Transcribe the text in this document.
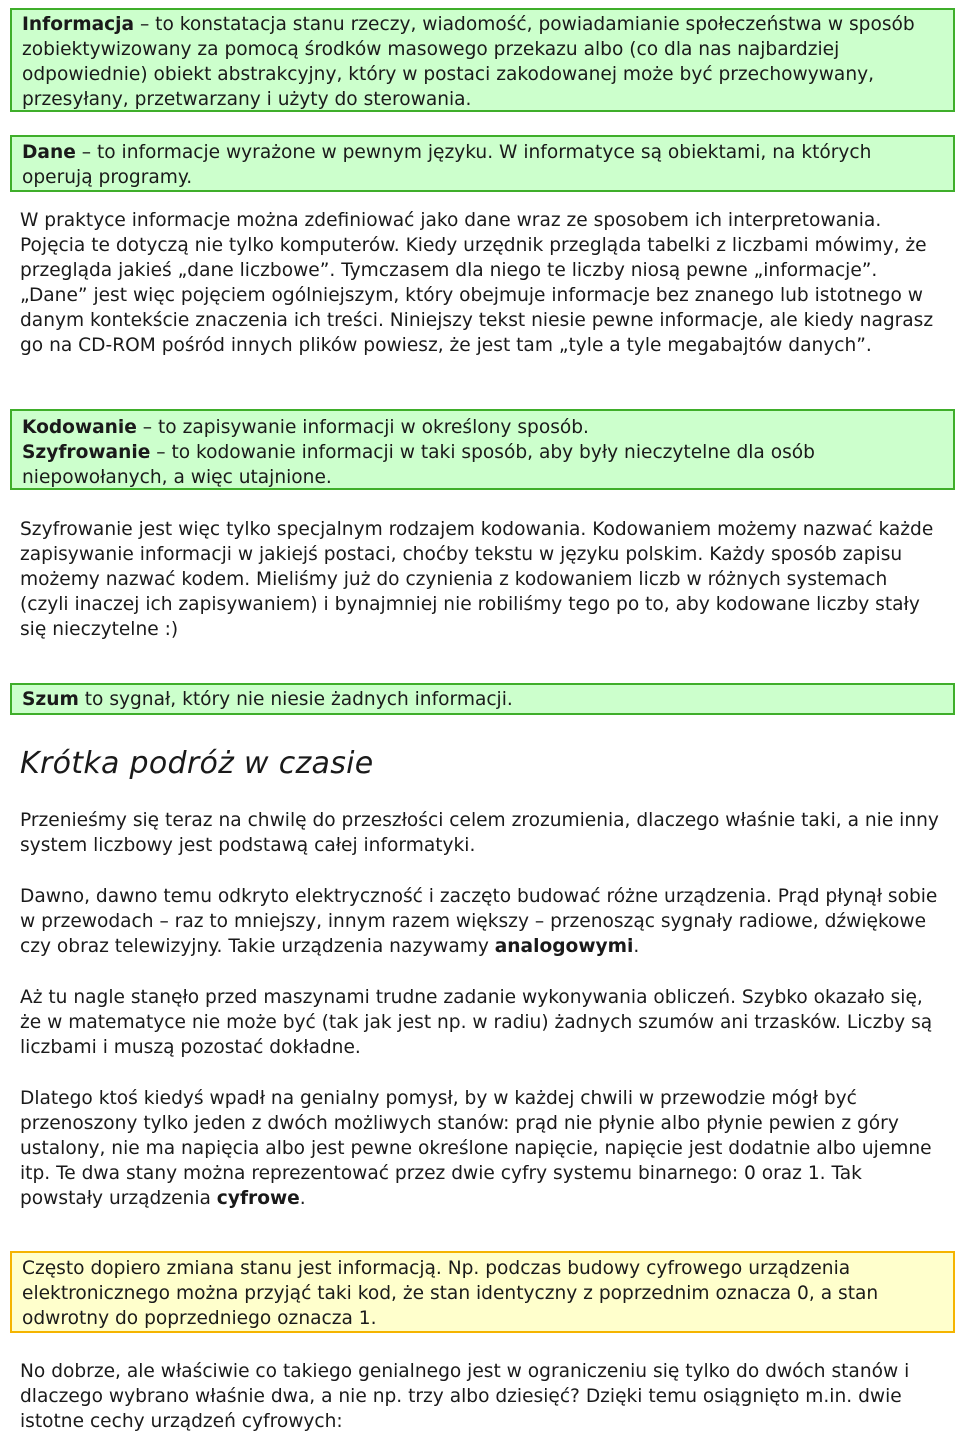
Informacja – to konstatacja stanu rzeczy, wiadomość, powiadamianie społeczeństwa w sposób zobiektywizowany za pomocą środków masowego przekazu albo (co dla nas najbardziej odpowiednie) obiekt abstrakcyjny, który w postaci zakodowanej może być przechowywany, przesyłany, przetwarzany i użyty do sterowania.

Dane – to informacje wyrażone w pewnym języku. W informatyce są obiektami, na których operują programy.

W praktyce informacje można zdefiniować jako dane wraz ze sposobem ich interpretowania. Pojęcia te dotyczą nie tylko komputerów. Kiedy urzędnik przegląda tabelki z liczbami mówimy, że przegląda jakieś „dane liczbowe”. Tymczasem dla niego te liczby niosą pewne „informacje”.

„Dane” jest więc pojęciem ogólniejszym, który obejmuje informacje bez znanego lub istotnego w danym kontekście znaczenia ich treści. Niniejszy tekst niesie pewne informacje, ale kiedy nagrasz go na CD-ROM pośród innych plików powiesz, że jest tam „tyle a tyle megabajtów danych”.

Kodowanie – to zapisywanie informacji w określony sposób.

Szyfrowanie – to kodowanie informacji w taki sposób, aby były nieczytelne dla osób niepowołanych, a więc utajnione.

Szyfrowanie jest więc tylko specjalnym rodzajem kodowania. Kodowaniem możemy nazwać każde zapisywanie informacji w jakiejś postaci, choćby tekstu w języku polskim. Każdy sposób zapisu możemy nazwać kodem. Mieliśmy już do czynienia z kodowaniem liczb w różnych systemach (czyli inaczej ich zapisywaniem) i bynajmniej nie robiliśmy tego po to, aby kodowane liczby stały się nieczytelne :)

Szum to sygnał, który nie niesie żadnych informacji.

Krótka podróż w czasie

Przenieśmy się teraz na chwilę do przeszłości celem zrozumienia, dlaczego właśnie taki, a nie inny system liczbowy jest podstawą całej informatyki.

Dawno, dawno temu odkryto elektryczność i zaczęto budować różne urządzenia. Prąd płynął sobie w przewodach – raz to mniejszy, innym razem większy – przenosząc sygnały radiowe, dźwiękowe czy obraz telewizyjny. Takie urządzenia nazywamy analogowymi.

Aż tu nagle stanęło przed maszynami trudne zadanie wykonywania obliczeń. Szybko okazało się, że w matematyce nie może być (tak jak jest np. w radiu) żadnych szumów ani trzasków. Liczby są liczbami i muszą pozostać dokładne.

Dlatego ktoś kiedyś wpadł na genialny pomysł, by w każdej chwili w przewodzie mógł być przenoszony tylko jeden z dwóch możliwych stanów: prąd nie płynie albo płynie pewien z góry ustalony, nie ma napięcia albo jest pewne określone napięcie, napięcie jest dodatnie albo ujemne itp. Te dwa stany można reprezentować przez dwie cyfry systemu binarnego: 0 oraz 1. Tak powstały urządzenia cyfrowe.

Często dopiero zmiana stanu jest informacją. Np. podczas budowy cyfrowego urządzenia elektronicznego można przyjąć taki kod, że stan identyczny z poprzednim oznacza 0, a stan odwrotny do poprzedniego oznacza 1.

No dobrze, ale właściwie co takiego genialnego jest w ograniczeniu się tylko do dwóch stanów i dlaczego wybrano właśnie dwa, a nie np. trzy albo dziesięć? Dzięki temu osiągnięto m.in. dwie istotne cechy urządzeń cyfrowych:
